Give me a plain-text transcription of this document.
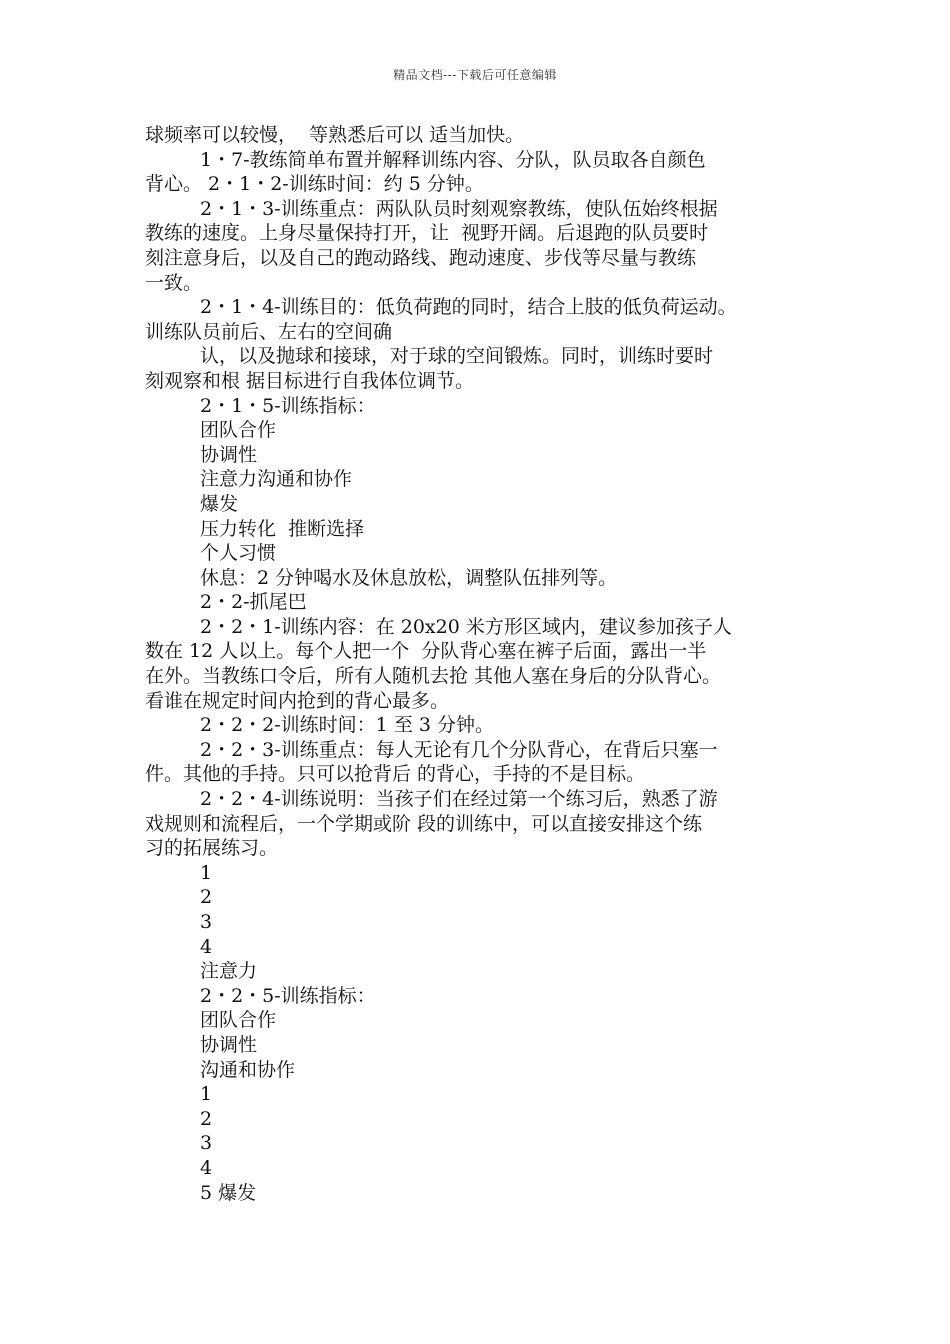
精品文档---下载后可任意编辑
球频率可以较慢，  等熟悉后可以 适当加快。
1・7-教练简单布置并解释训练内容、分队，队员取各自颜色
背心。 2・1・2-训练时间：约 5 分钟。
2・1・3-训练重点：两队队员时刻观察教练，使队伍始终根据
教练的速度。上身尽量保持打开，让  视野开阔。后退跑的队员要时
刻注意身后，以及自己的跑动路线、跑动速度、步伐等尽量与教练
一致。
2・1・4-训练目的：低负荷跑的同时，结合上肢的低负荷运动。
训练队员前后、左右的空间确
认，以及抛球和接球，对于球的空间锻炼。同时，训练时要时
刻观察和根 据目标进行自我体位调节。
2・1・5-训练指标：
团队合作
协调性
注意力沟通和协作
爆发
压力转化  推断选择
个人习惯
休息：2 分钟喝水及休息放松，调整队伍排列等。
2・2-抓尾巴
2・2・1-训练内容：在 20x20 米方形区域内，建议参加孩子人
数在 12 人以上。每个人把一个  分队背心塞在裤子后面，露出一半
在外。当教练口令后，所有人随机去抢 其他人塞在身后的分队背心。
看谁在规定时间内抢到的背心最多。
2・2・2-训练时间：1 至 3 分钟。
2・2・3-训练重点：每人无论有几个分队背心，在背后只塞一
件。其他的手持。只可以抢背后 的背心，手持的不是目标。
2・2・4-训练说明：当孩子们在经过第一个练习后，熟悉了游
戏规则和流程后，一个学期或阶 段的训练中，可以直接安排这个练
习的拓展练习。
1
2
3
4
注意力
2・2・5-训练指标：
团队合作
协调性
沟通和协作
1
2
3
4
5 爆发
